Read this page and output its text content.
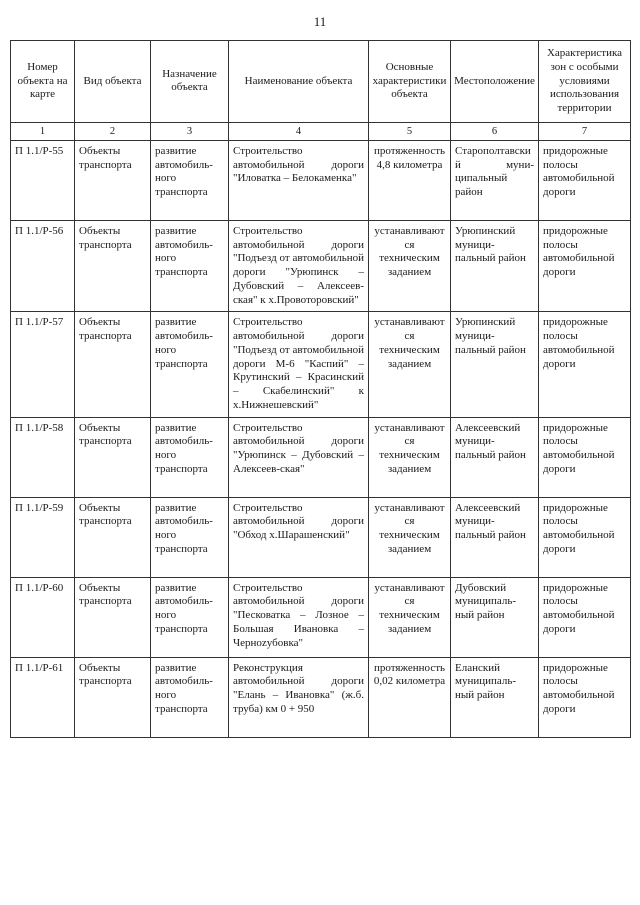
11
Номер объекта на карте	Вид объекта	Назначение объекта	Наименование объекта	Основные характеристики объекта	Местоположение	Характеристика зон с особыми условиями использования территории
1	2	3	4	5	6	7
П 1.1/Р-55	Объекты транспорта	развитие автомобиль-ного транспорта	Строительство автомобильной дороги "Иловатка – Белокаменка"	протяженность 4,8 километра	Старополтавский муни-ципальный район	придорожные полосы автомобильной дороги
П 1.1/Р-56	Объекты транспорта	развитие автомобиль-ного транспорта	Строительство автомобильной дороги "Подъезд от автомобильной дороги "Урюпинск – Дубовский – Алексеев-ская" к х.Провоторовский"	устанавливаются техническим заданием	Урюпинский муници-пальный район	придорожные полосы автомобильной дороги
П 1.1/Р-57	Объекты транспорта	развитие автомобиль-ного транспорта	Строительство автомобильной дороги "Подъезд от автомобильной дороги М-6 "Каспий" – Крутинский – Красинский – Скабелинский" к х.Нижнешевский"	устанавливаются техническим заданием	Урюпинский муници-пальный район	придорожные полосы автомобильной дороги
П 1.1/Р-58	Объекты транспорта	развитие автомобиль-ного транспорта	Строительство автомобильной дороги "Урюпинск – Дубовский – Алексеев-ская"	устанавливаются техническим заданием	Алексеевский муници-пальный район	придорожные полосы автомобильной дороги
П 1.1/Р-59	Объекты транспорта	развитие автомобиль-ного транспорта	Строительство автомобильной дороги "Обход х.Шарашенский"	устанавливаются техническим заданием	Алексеевский муници-пальный район	придорожные полосы автомобильной дороги
П 1.1/Р-60	Объекты транспорта	развитие автомобиль-ного транспорта	Строительство автомобильной дороги "Песковатка – Лозное – Большая Ивановка – Черноzубовка"	устанавливаются техническим заданием	Дубовский муниципаль-ный район	придорожные полосы автомобильной дороги
П 1.1/Р-61	Объекты транспорта	развитие автомобиль-ного транспорта	Реконструкция автомобильной дороги "Елань – Ивановка" (ж.б. труба) км 0 + 950	протяженность 0,02 километра	Еланский муниципаль-ный район	придорожные полосы автомобильной дороги
